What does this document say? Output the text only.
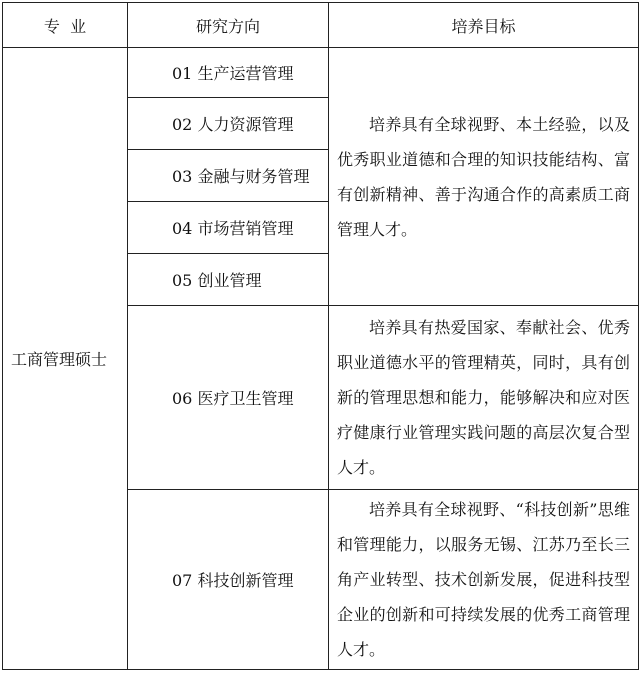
专  业	研究方向	培养目标
工商管理硕士	01 生产运营管理	培养具有全球视野、本土经验，以及优秀职业道德和合理的知识技能结构、富有创新精神、善于沟通合作的高素质工商管理人才。

	02 人力资源管理	
	03 金融与财务管理	
	04 市场营销管理	
	05 创业管理	
	06 医疗卫生管理	培养具有热爱国家、奉献社会、优秀职业道德水平的管理精英，同时，具有创新的管理思想和能力，能够解决和应对医疗健康行业管理实践问题的高层次复合型人才。

	07 科技创新管理	培养具有全球视野、“科技创新”思维和管理能力，以服务无锡、江苏乃至长三角产业转型、技术创新发展，促进科技型企业的创新和可持续发展的优秀工商管理人才。
